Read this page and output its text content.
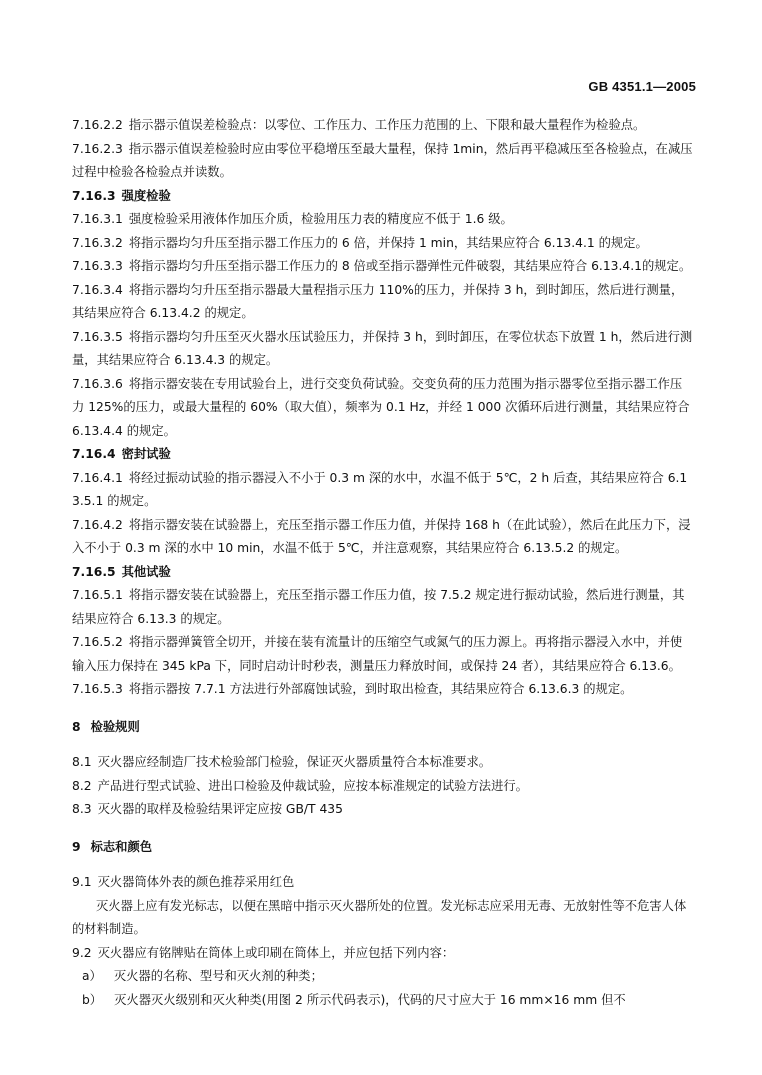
GB 4351.1—2005

7.16.2.2 指示器示值误差检验点：以零位、工作压力、工作压力范围的上、下限和最大量程作为检验点。

7.16.2.3 指示器示值误差检验时应由零位平稳增压至最大量程，保持 1min，然后再平稳减压至各检验点，在减压过程中检验各检验点并读数。

7.16.3 强度检验

7.16.3.1 强度检验采用液体作加压介质，检验用压力表的精度应不低于 1.6 级。

7.16.3.2 将指示器均匀升压至指示器工作压力的 6 倍，并保持 1 min，其结果应符合 6.13.4.1 的规定。

7.16.3.3 将指示器均匀升压至指示器工作压力的 8 倍或至指示器弹性元件破裂，其结果应符合 6.13.4.1的规定。

7.16.3.4 将指示器均匀升压至指示器最大量程指示压力 110%的压力，并保持 3 h，到时卸压，然后进行测量，其结果应符合 6.13.4.2 的规定。

7.16.3.5 将指示器均匀升压至灭火器水压试验压力，并保持 3 h，到时卸压，在零位状态下放置 1 h，然后进行测量，其结果应符合 6.13.4.3 的规定。

7.16.3.6 将指示器安装在专用试验台上，进行交变负荷试验。交变负荷的压力范围为指示器零位至指示器工作压力 125%的压力，或最大量程的 60%（取大值），频率为 0.1 Hz，并经 1 000 次循环后进行测量，其结果应符合 6.13.4.4 的规定。

7.16.4 密封试验

7.16.4.1 将经过振动试验的指示器浸入不小于 0.3 m 深的水中，水温不低于 5℃，2 h 后查，其结果应符合 6.13.5.1 的规定。

7.16.4.2 将指示器安装在试验器上，充压至指示器工作压力值，并保持 168 h（在此试验），然后在此压力下，浸入不小于 0.3 m 深的水中 10 min，水温不低于 5℃，并注意观察，其结果应符合 6.13.5.2 的规定。

7.16.5 其他试验

7.16.5.1 将指示器安装在试验器上，充压至指示器工作压力值，按 7.5.2 规定进行振动试验，然后进行测量，其结果应符合 6.13.3 的规定。

7.16.5.2 将指示器弹簧管全切开，并接在装有流量计的压缩空气或氮气的压力源上。再将指示器浸入水中，并使输入压力保持在 345 kPa 下，同时启动计时秒表，测量压力释放时间，或保持 24 者），其结果应符合 6.13.6。

7.16.5.3 将指示器按 7.7.1 方法进行外部腐蚀试验，到时取出检查，其结果应符合 6.13.6.3 的规定。

8 检验规则

8.1 灭火器应经制造厂技术检验部门检验，保证灭火器质量符合本标准要求。

8.2 产品进行型式试验、进出口检验及仲裁试验，应按本标准规定的试验方法进行。

8.3 灭火器的取样及检验结果评定应按 GB/T 435

9 标志和颜色

9.1 灭火器筒体外表的颜色推荐采用红色

灭火器上应有发光标志，以便在黑暗中指示灭火器所处的位置。发光标志应采用无毒、无放射性等不危害人体的材料制造。

9.2 灭火器应有铭牌贴在筒体上或印刷在筒体上，并应包括下列内容：

a） 灭火器的名称、型号和灭火剂的种类；

b） 灭火器灭火级别和灭火种类(用图 2 所示代码表示)，代码的尺寸应大于 16 mm×16 mm 但不
